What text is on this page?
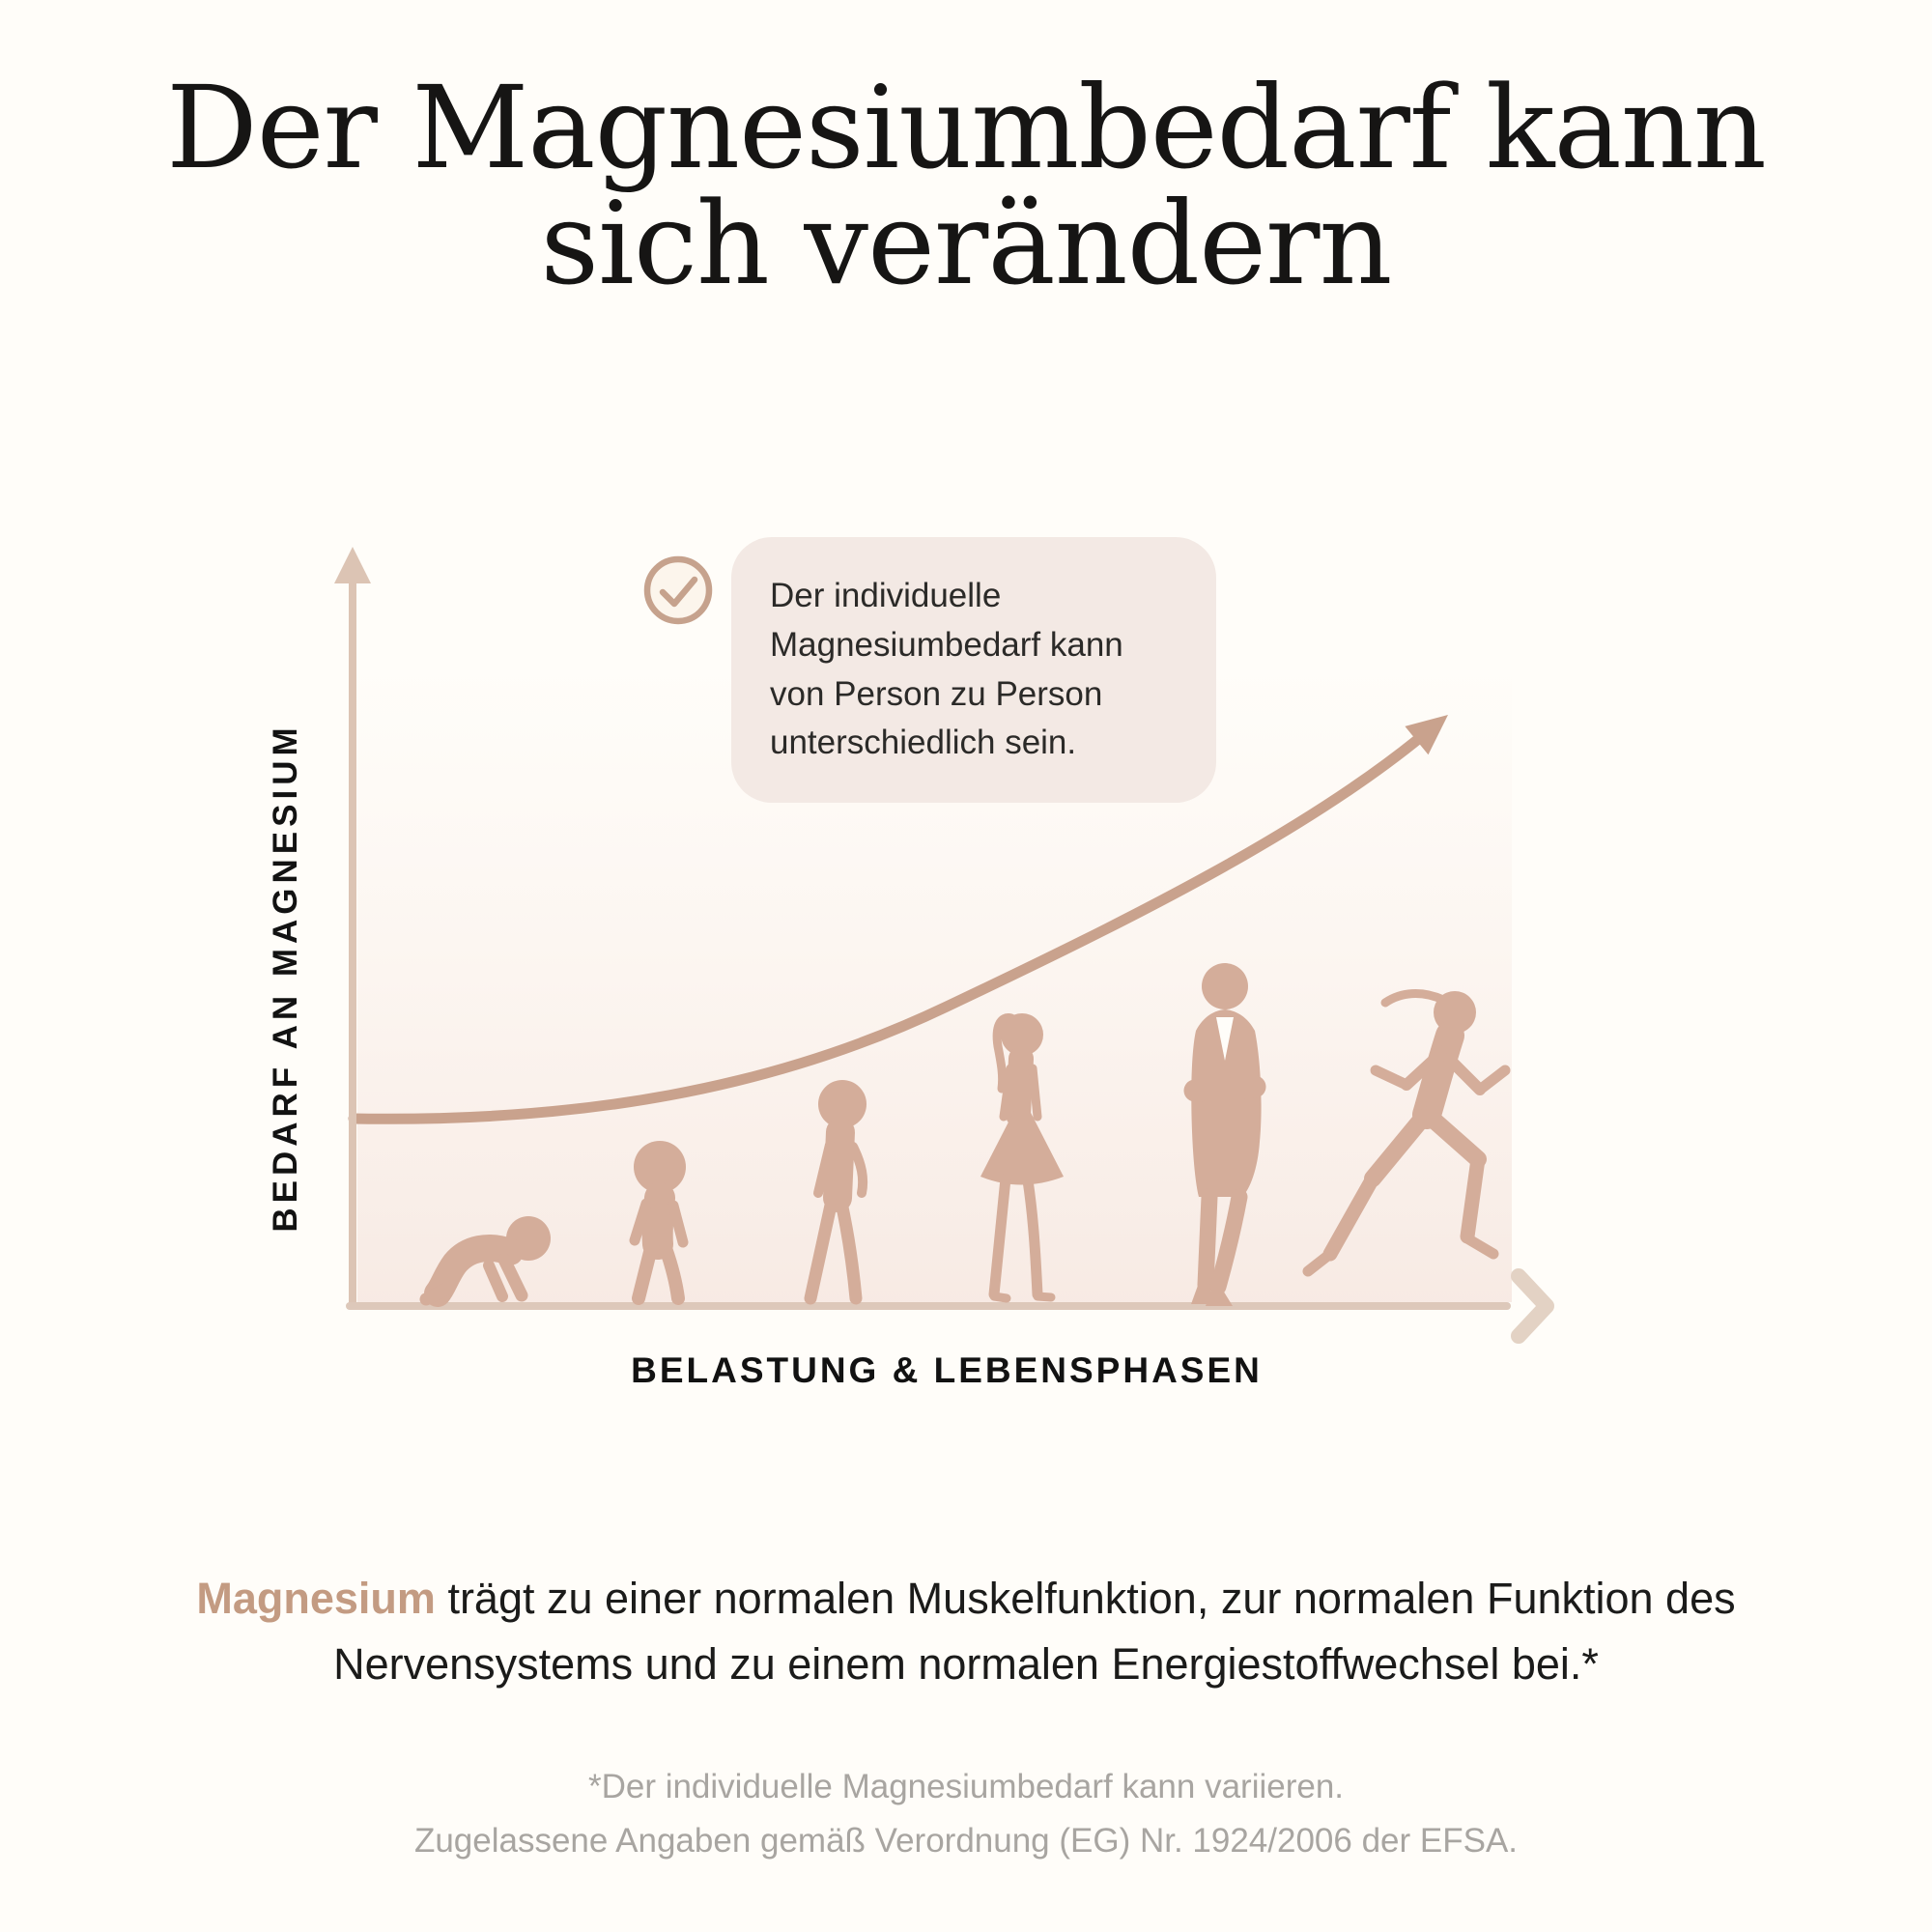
Der Magnesiumbedarf kann
sich verändern
BEDARF AN MAGNESIUM
BELASTUNG & LEBENSPHASEN
Der individuelle Magnesiumbedarf kann von Person zu Person unterschiedlich sein.

Magnesium trägt zu einer normalen Muskelfunktion, zur normalen Funktion des Nervensystems und zu einem normalen Energiestoffwechsel bei.*

*Der individuelle Magnesiumbedarf kann variieren.
Zugelassene Angaben gemäß Verordnung (EG) Nr. 1924/2006 der EFSA.
